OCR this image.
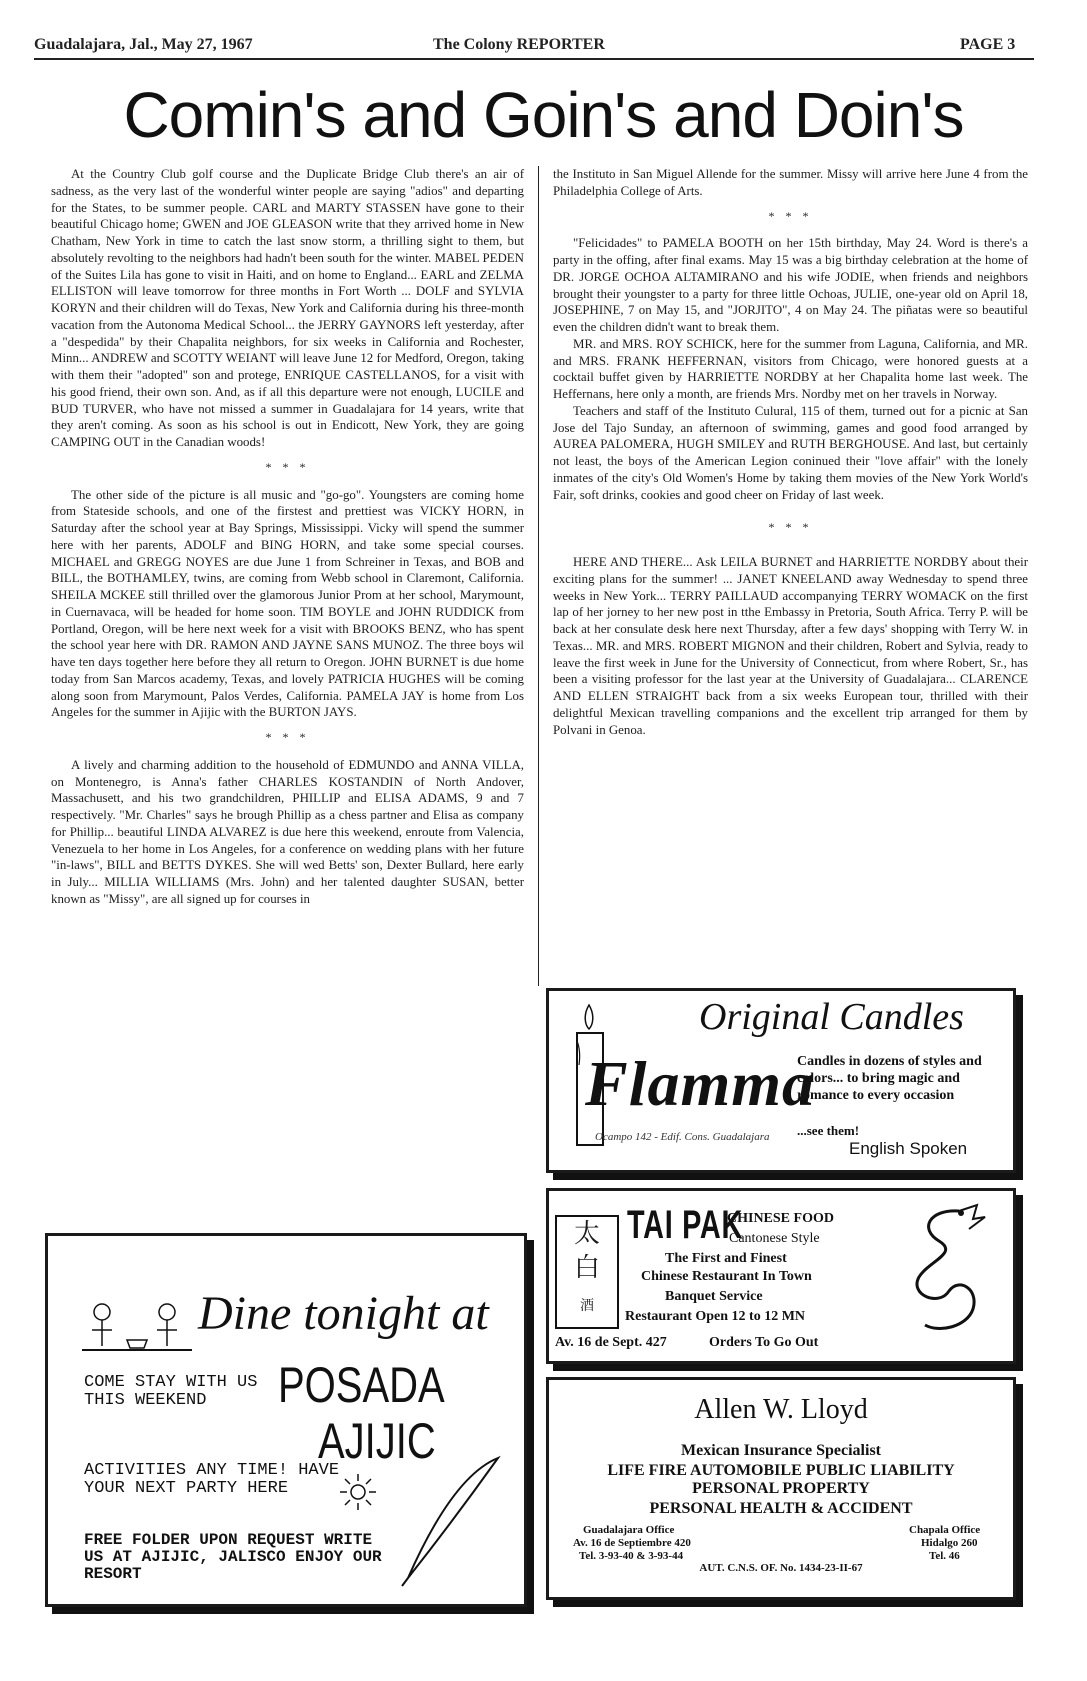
Guadalajara, Jal., May 27, 1967	The Colony REPORTER	PAGE 3
Comin's and Goin's and Doin's

At the Country Club golf course and the Duplicate Bridge Club there's an air of sadness, as the very last of the wonderful winter people are saying "adios" and departing for the States, to be summer people. CARL and MARTY STASSEN have gone to their beautiful Chicago home; GWEN and JOE GLEASON write that they arrived home in New Chatham, New York in time to catch the last snow storm, a thrilling sight to them, but absolutely revolting to the neighbors had hadn't been south for the winter. MABEL PEDEN of the Suites Lila has gone to visit in Haiti, and on home to England... EARL and ZELMA ELLISTON will leave tomorrow for three months in Fort Worth ... DOLF and SYLVIA KORYN and their children will do Texas, New York and California during his three-month vacation from the Autonoma Medical School... the JERRY GAYNORS left yesterday, after a "despedida" by their Chapalita neighbors, for six weeks in California and Rochester, Minn... ANDREW and SCOTTY WEIANT will leave June 12 for Medford, Oregon, taking with them their "adopted" son and protege, ENRIQUE CASTELLANOS, for a visit with his good friend, their own son. And, as if all this departure were not enough, LUCILE and BUD TURVER, who have not missed a summer in Guadalajara for 14 years, write that they aren't coming. As soon as his school is out in Endicott, New York, they are going CAMPING OUT in the Canadian woods!

* * *

The other side of the picture is all music and "go-go". Youngsters are coming home from Stateside schools, and one of the firstest and prettiest was VICKY HORN, in Saturday after the school year at Bay Springs, Mississippi. Vicky will spend the summer here with her parents, ADOLF and BING HORN, and take some special courses. MICHAEL and GREGG NOYES are due June 1 from Schreiner in Texas, and BOB and BILL, the BOTHAMLEY, twins, are coming from Webb school in Claremont, California. SHEILA MCKEE still thrilled over the glamorous Junior Prom at her school, Marymount, in Cuernavaca, will be headed for home soon. TIM BOYLE and JOHN RUDDICK from Portland, Oregon, will be here next week for a visit with BROOKS BENZ, who has spent the school year here with DR. RAMON AND JAYNE SANS MUNOZ. The three boys wil have ten days together here before they all return to Oregon. JOHN BURNET is due home today from San Marcos academy, Texas, and lovely PATRICIA HUGHES will be coming along soon from Marymount, Palos Verdes, California. PAMELA JAY is home from Los Angeles for the summer in Ajijic with the BURTON JAYS.

* * *

A lively and charming addition to the household of EDMUNDO and ANNA VILLA, on Montenegro, is Anna's father CHARLES KOSTANDIN of North Andover, Massachusett, and his two grandchildren, PHILLIP and ELISA ADAMS, 9 and 7 respectively. "Mr. Charles" says he brough Phillip as a chess partner and Elisa as company for Phillip... beautiful LINDA ALVAREZ is due here this weekend, enroute from Valencia, Venezuela to her home in Los Angeles, for a conference on wedding plans with her future "in-laws", BILL and BETTS DYKES. She will wed Betts' son, Dexter Bullard, here early in July... MILLIA WILLIAMS (Mrs. John) and her talented daughter SUSAN, better known as "Missy", are all signed up for courses in

the Instituto in San Miguel Allende for the summer. Missy will arrive here June 4 from the Philadelphia College of Arts.

* * *

"Felicidades" to PAMELA BOOTH on her 15th birthday, May 24. Word is there's a party in the offing, after final exams. May 15 was a big birthday celebration at the home of DR. JORGE OCHOA ALTAMIRANO and his wife JODIE, when friends and neighbors brought their youngster to a party for three little Ochoas, JULIE, one-year old on April 18, JOSEPHINE, 7 on May 15, and "JORJITO", 4 on May 24. The piñatas were so beautiful even the children didn't want to break them.

MR. and MRS. ROY SCHICK, here for the summer from Laguna, California, and MR. and MRS. FRANK HEFFERNAN, visitors from Chicago, were honored guests at a cocktail buffet given by HARRIETTE NORDBY at her Chapalita home last week. The Heffernans, here only a month, are friends Mrs. Nordby met on her travels in Norway.

Teachers and staff of the Instituto Culural, 115 of them, turned out for a picnic at San Jose del Tajo Sunday, an afternoon of swimming, games and good food arranged by AUREA PALOMERA, HUGH SMILEY and RUTH BERGHOUSE. And last, but certainly not least, the boys of the American Legion coninued their "love affair" with the lonely inmates of the city's Old Women's Home by taking them movies of the New York World's Fair, soft drinks, cookies and good cheer on Friday of last week.

* * *

HERE AND THERE... Ask LEILA BURNET and HARRIETTE NORDBY about their exciting plans for the summer! ... JANET KNEELAND away Wednesday to spend three weeks in New York... TERRY PAILLAUD accompanying TERRY WOMACK on the first lap of her jorney to her new post in tthe Embassy in Pretoria, South Africa. Terry P. will be back at her consulate desk here next Thursday, after a few days' shopping with Terry W. in Texas... MR. and MRS. ROBERT MIGNON and their children, Robert and Sylvia, ready to leave the first week in June for the University of Connecticut, from where Robert, Sr., has been a visiting professor for the last year at the University of Guadalajara... CLARENCE AND ELLEN STRAIGHT back from a six weeks European tour, thrilled with their delightful Mexican travelling companions and the excellent trip arranged for them by Polvani in Genoa.

Original Candles
Flamma
Ocampo 142 - Edif. Cons. Guadalajara
Candles in dozens of styles and colors... to bring magic and romance to every occasion
...see them!
English Spoken
太
白
酒
TAI PAK
CHINESE FOOD
Cantonese Style
The First and Finest
Chinese Restaurant In Town
Banquet Service
Restaurant Open 12 to 12 MN
Av. 16 de Sept. 427	Orders To Go Out
Dine tonight at
POSADA
AJIJIC
COME STAY WITH US THIS WEEKEND
ACTIVITIES ANY TIME! HAVE YOUR NEXT PARTY HERE
FREE FOLDER UPON REQUEST WRITE US AT AJIJIC, JALISCO ENJOY OUR RESORT
Allen W. Lloyd
Mexican Insurance Specialist
LIFE FIRE AUTOMOBILE PUBLIC LIABILITY
PERSONAL PROPERTY
PERSONAL HEALTH & ACCIDENT
Guadalajara Office
Av. 16 de Septiembre 420
Tel. 3-93-40 & 3-93-44
Chapala Office
Hidalgo 260
Tel. 46
AUT. C.N.S. OF. No. 1434-23-II-67
